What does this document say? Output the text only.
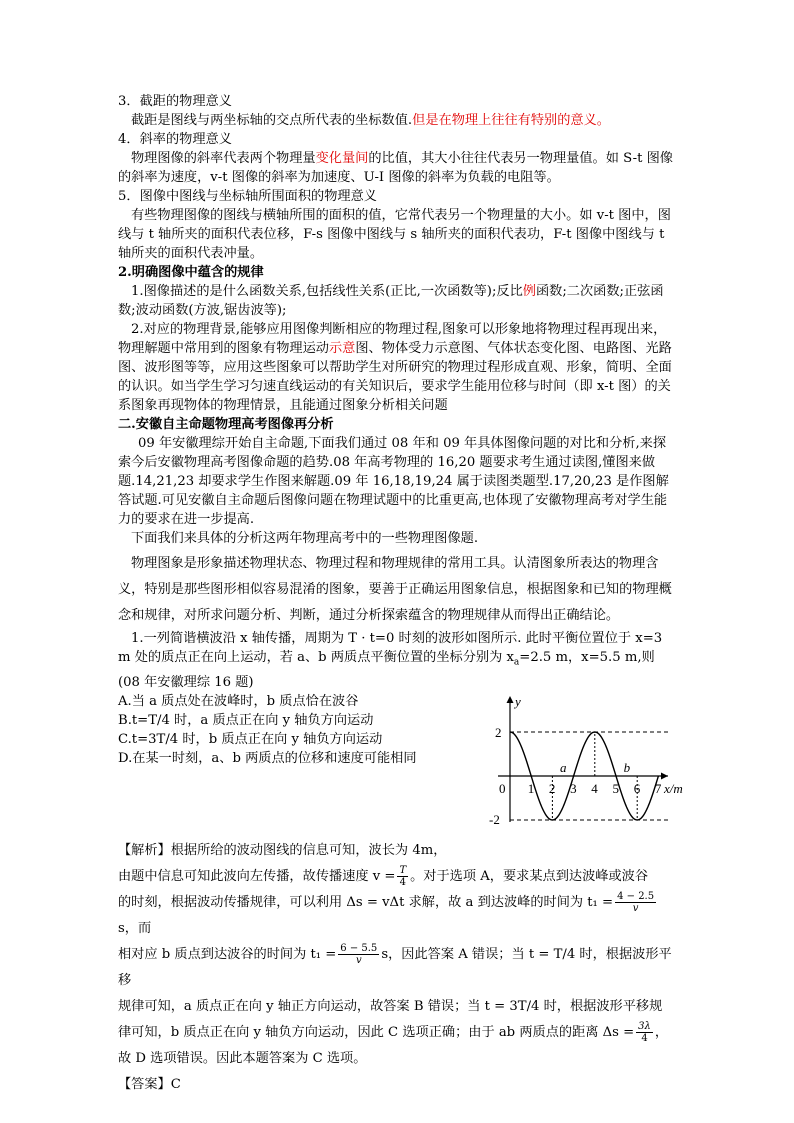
3．截距的物理意义

截距是图线与两坐标轴的交点所代表的坐标数值.但是在物理上往往有特别的意义。

4．斜率的物理意义

物理图像的斜率代表两个物理量变化量间的比值，其大小往往代表另一物理量值。如 S-t 图像的斜率为速度，v-t 图像的斜率为加速度、U-I 图像的斜率为负载的电阻等。

5．图像中图线与坐标轴所围面积的物理意义

有些物理图像的图线与横轴所围的面积的值，它常代表另一个物理量的大小。如 v-t 图中，图线与 t 轴所夹的面积代表位移，F-s 图像中图线与 s 轴所夹的面积代表功，F-t 图像中图线与 t 轴所夹的面积代表冲量。

2.明确图像中蕴含的规律

1.图像描述的是什么函数关系,包括线性关系(正比,一次函数等);反比例函数;二次函数;正弦函数;波动函数(方波,锯齿波等);

2.对应的物理背景,能够应用图像判断相应的物理过程,图象可以形象地将物理过程再现出来，物理解题中常用到的图象有物理运动示意图、物体受力示意图、气体状态变化图、电路图、光路图、波形图等等，应用这些图象可以帮助学生对所研究的物理过程形成直观、形象，简明、全面的认识。如当学生学习匀速直线运动的有关知识后，要求学生能用位移与时间（即 x-t 图）的关系图象再现物体的物理情景，且能通过图象分析相关问题

二.安徽自主命题物理高考图像再分析

09 年安徽理综开始自主命题,下面我们通过 08 年和 09 年具体图像问题的对比和分析,来探索今后安徽物理高考图像命题的趋势.08 年高考物理的 16,20 题要求考生通过读图,懂图来做题.14,21,23 却要求学生作图来解题.09 年 16,18,19,24 属于读图类题型.17,20,23 是作图解答试题.可见安徽自主命题后图像问题在物理试题中的比重更高,也体现了安徽物理高考对学生能力的要求在进一步提高.

下面我们来具体的分析这两年物理高考中的一些物理图像题.

物理图象是形象描述物理状态、物理过程和物理规律的常用工具。认清图象所表达的物理含义，特别是那些图形相似容易混淆的图象，要善于正确运用图象信息，根据图象和已知的物理概念和规律，对所求问题分析、判断，通过分析探索蕴含的物理规律从而得出正确结论。

1.一列简谐横波沿 x 轴传播，周期为 T · t=0 时刻的波形如图所示. 此时平衡位置位于 x=3 m 处的质点正在向上运动，若 a、b 两质点平衡位置的坐标分别为 $x_a=2.5$ m，x=5.5 m,则

(08 年安徽理综 16 题)

A.当 a 质点处在波峰时，b 质点恰在波谷

B.t=T/4 时，a 质点正在向 y 轴负方向运动

C.t=3T/4 时，b 质点正在向 y 轴负方向运动

D.在某一时刻，a、b 两质点的位移和速度可能相同

y
2
-2
0	x/m
1 2 3 4 5 6 7
a	b

【解析】根据所给的波动图线的信息可知，波长为 4m，

由题中信息可知此波向左传播，故传播速度 $v = \frac{T}{4}$ 。对于选项 A，要求某点到达波峰或波谷

的时刻，根据波动传播规律，可以利用 Δs = vΔt 求解，故 a 到达波峰的时间为 $t_1 = \frac{4 - 2.5}{v}$
s，而

相对应 b 质点到达波谷的时间为 $t_1 = \frac{6 - 5.5}{v}$ s，因此答案 A 错误；当 t = T/4 时，根据波形平移

规律可知，a 质点正在向 y 轴正方向运动，故答案 B 错误；当 t = 3T/4 时，根据波形平移规

律可知，b 质点正在向 y 轴负方向运动，因此 C 选项正确；由于 ab 两质点的距离 $\Delta s = \frac{3\lambda}{4}$ ，

故 D 选项错误。因此本题答案为 C 选项。

【答案】C
